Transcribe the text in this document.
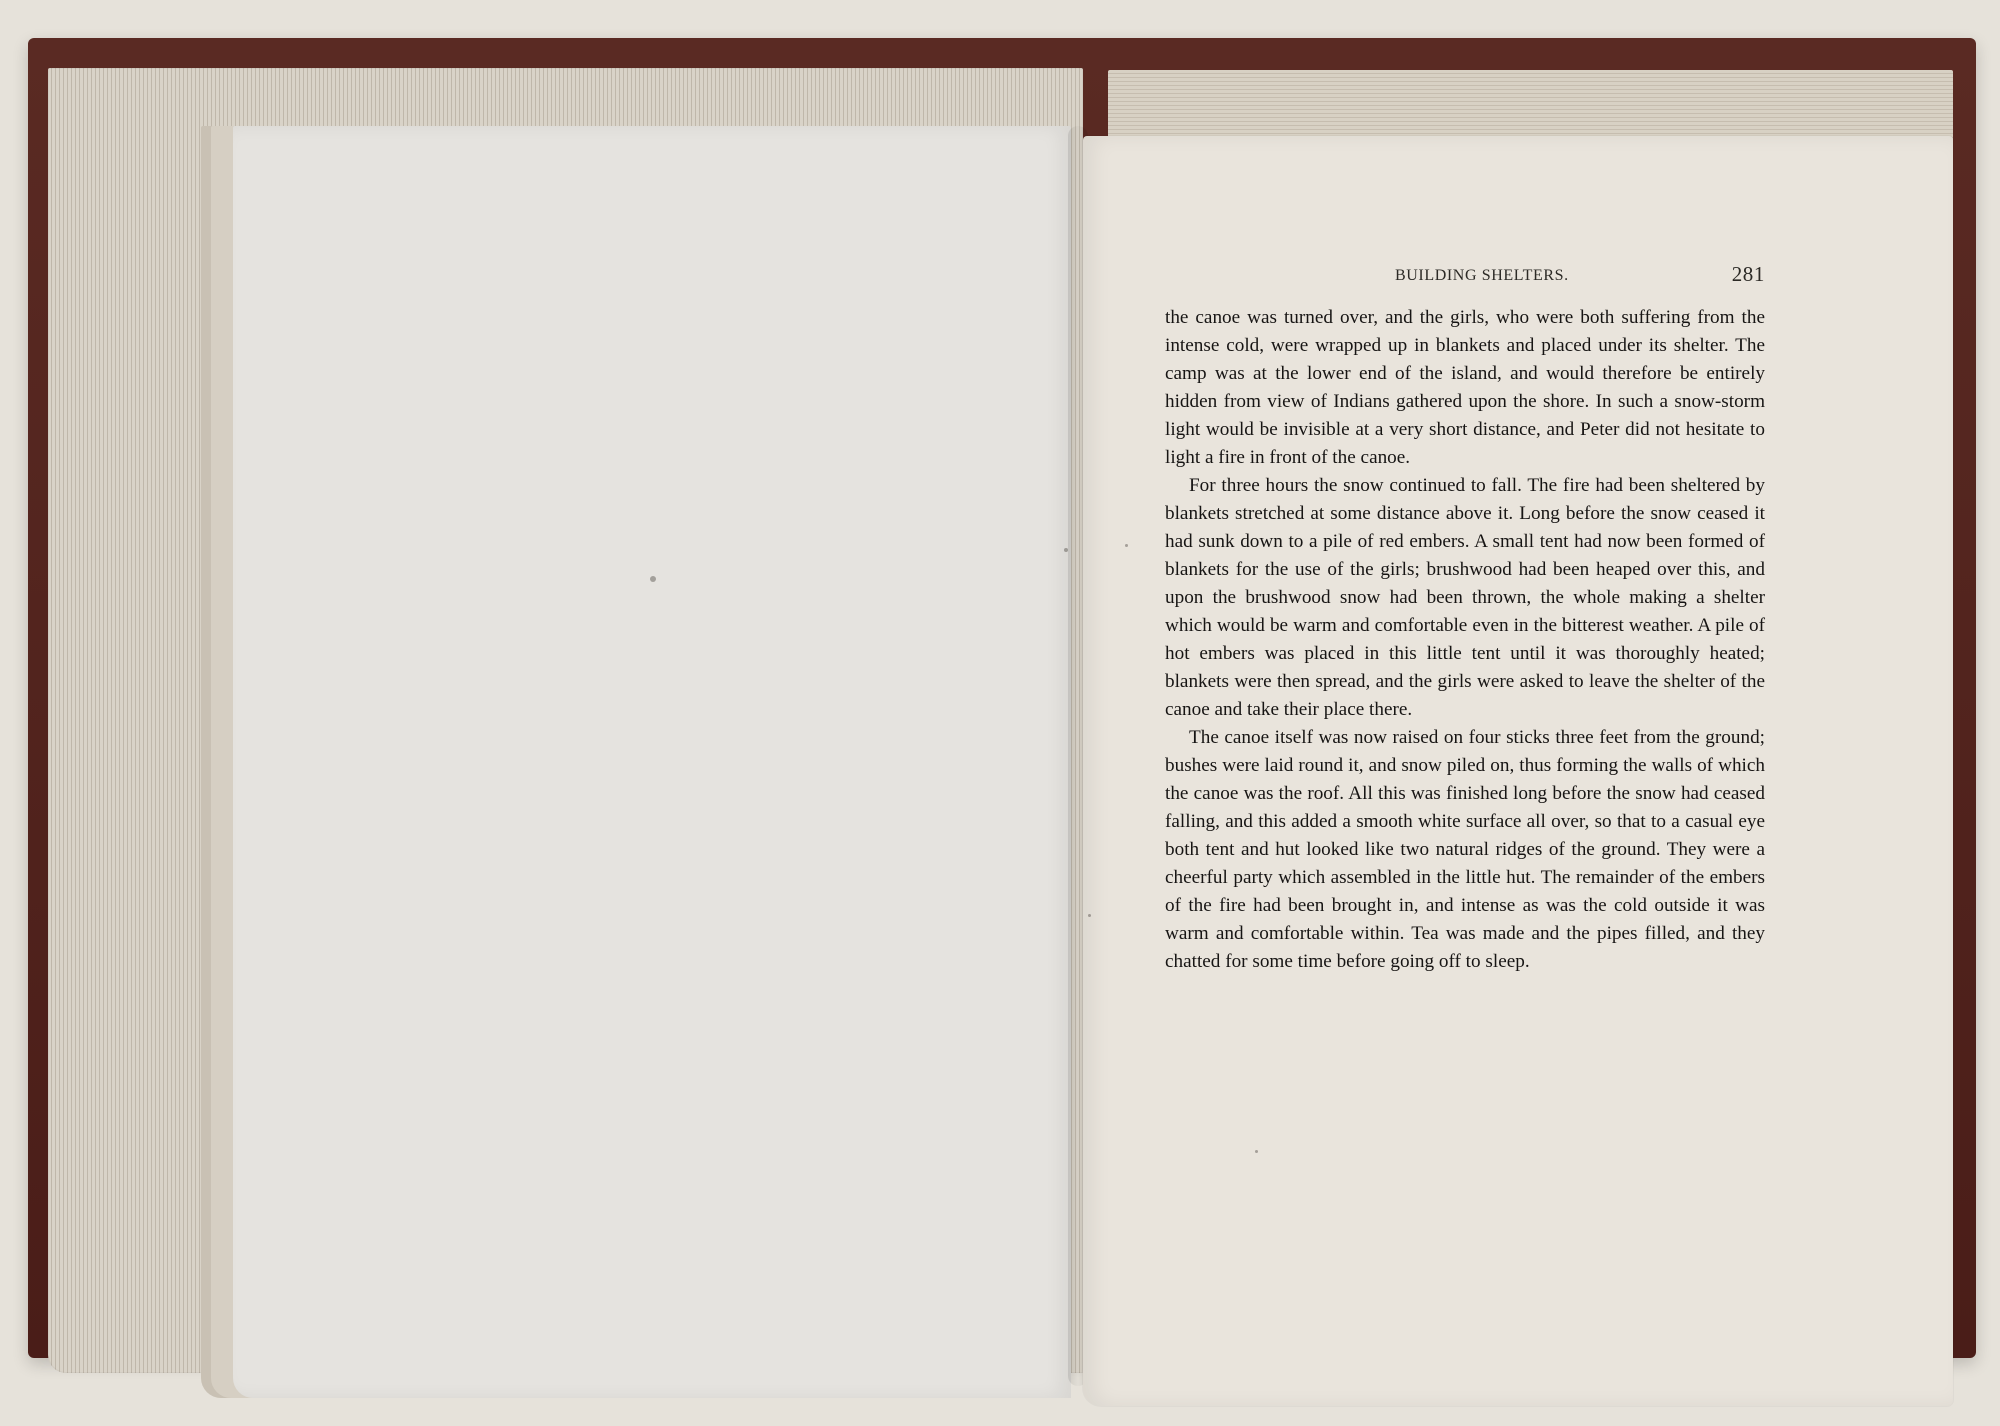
BUILDING SHELTERS.	281

the canoe was turned over, and the girls, who were both suffering from the intense cold, were wrapped up in blankets and placed under its shelter. The camp was at the lower end of the island, and would therefore be entirely hidden from view of Indians gathered upon the shore. In such a snow-storm light would be invisible at a very short distance, and Peter did not hesitate to light a fire in front of the canoe.

For three hours the snow continued to fall. The fire had been sheltered by blankets stretched at some distance above it. Long before the snow ceased it had sunk down to a pile of red embers. A small tent had now been formed of blankets for the use of the girls; brushwood had been heaped over this, and upon the brushwood snow had been thrown, the whole making a shelter which would be warm and comfortable even in the bitterest weather. A pile of hot embers was placed in this little tent until it was thoroughly heated; blankets were then spread, and the girls were asked to leave the shelter of the canoe and take their place there.

The canoe itself was now raised on four sticks three feet from the ground; bushes were laid round it, and snow piled on, thus forming the walls of which the canoe was the roof. All this was finished long before the snow had ceased falling, and this added a smooth white surface all over, so that to a casual eye both tent and hut looked like two natural ridges of the ground. They were a cheerful party which assembled in the little hut. The remainder of the embers of the fire had been brought in, and intense as was the cold outside it was warm and comfortable within. Tea was made and the pipes filled, and they chatted for some time before going off to sleep.
